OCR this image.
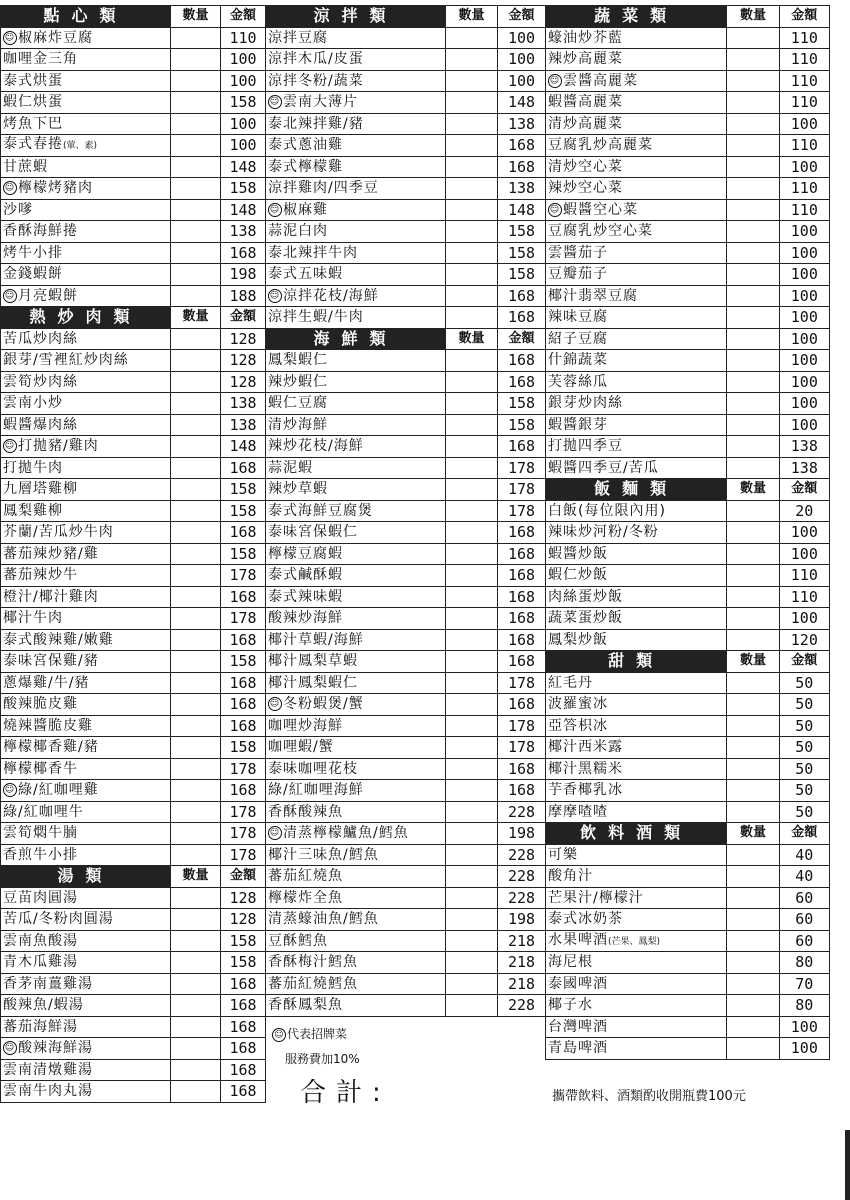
點心類	數量	金額
☺ 椒麻炸豆腐		110
咖哩金三角		100
泰式烘蛋		100
蝦仁烘蛋		158
烤魚下巴		100
泰式春捲(葷、素)		100
甘蔗蝦		148
☺ 檸檬烤豬肉		158
沙嗲		148
香酥海鮮捲		138
烤牛小排		168
金錢蝦餅		198
☺ 月亮蝦餅		188
熱炒肉類	數量	金額
苦瓜炒肉絲		128
銀芽/雪裡紅炒肉絲		128
雲筍炒肉絲		128
雲南小炒		138
蝦醬爆肉絲		138
☺ 打拋豬/雞肉		148
打拋牛肉		168
九層塔雞柳		158
鳳梨雞柳		158
芥蘭/苦瓜炒牛肉		168
蕃茄辣炒豬/雞		158
蕃茄辣炒牛		178
橙汁/椰汁雞肉		168
椰汁牛肉		178
泰式酸辣雞/嫩雞		168
泰味宮保雞/豬		158
蔥爆雞/牛/豬		168
酸辣脆皮雞		168
燒辣醬脆皮雞		168
檸檬椰香雞/豬		158
檸檬椰香牛		178
☺ 綠/紅咖哩雞		168
綠/紅咖哩牛		178
雲筍燜牛腩		178
香煎牛小排		178
湯類	數量	金額
豆苗肉圓湯		128
苦瓜/冬粉肉圓湯		128
雲南魚酸湯		158
青木瓜雞湯		158
香茅南薑雞湯		168
酸辣魚/蝦湯		168
蕃茄海鮮湯		168
☺ 酸辣海鮮湯		168
雲南清燉雞湯		168
雲南牛肉丸湯		168
涼拌類	數量	金額
涼拌豆腐		100
涼拌木瓜/皮蛋		100
涼拌冬粉/蔬菜		100
☺ 雲南大薄片		148
泰北辣拌雞/豬		138
泰式蔥油雞		168
泰式檸檬雞		168
涼拌雞肉/四季豆		138
☺ 椒麻雞		148
蒜泥白肉		158
泰北辣拌牛肉		158
泰式五味蝦		158
☺ 涼拌花枝/海鮮		168
涼拌生蝦/牛肉		168
海鮮類	數量	金額
鳳梨蝦仁		168
辣炒蝦仁		168
蝦仁豆腐		158
清炒海鮮		158
辣炒花枝/海鮮		168
蒜泥蝦		178
辣炒草蝦		178
泰式海鮮豆腐煲		178
泰味宮保蝦仁		168
檸檬豆腐蝦		168
泰式鹹酥蝦		168
泰式辣味蝦		168
酸辣炒海鮮		168
椰汁草蝦/海鮮		168
椰汁鳳梨草蝦		168
椰汁鳳梨蝦仁		178
☺ 冬粉蝦煲/蟹		168
咖哩炒海鮮		178
咖哩蝦/蟹		178
泰味咖哩花枝		168
綠/紅咖哩海鮮		168
香酥酸辣魚		228
☺ 清蒸檸檬鱸魚/鱈魚		198
椰汁三味魚/鱈魚		228
蕃茄紅燒魚		228
檸檬炸全魚		228
清蒸蠔油魚/鱈魚		198
豆酥鱈魚		218
香酥梅汁鱈魚		218
蕃茄紅燒鱈魚		218
香酥鳳梨魚		228
蔬菜類	數量	金額
蠔油炒芥藍		110
辣炒高麗菜		110
☺ 雲醬高麗菜		110
蝦醬高麗菜		110
清炒高麗菜		100
豆腐乳炒高麗菜		110
清炒空心菜		100
辣炒空心菜		110
☺ 蝦醬空心菜		110
豆腐乳炒空心菜		100
雲醬茄子		100
豆瓣茄子		100
椰汁翡翠豆腐		100
辣味豆腐		100
紹子豆腐		100
什錦蔬菜		100
芙蓉絲瓜		100
銀芽炒肉絲		100
蝦醬銀芽		100
打拋四季豆		138
蝦醬四季豆/苦瓜		138
飯麵類	數量	金額
白飯(每位限內用)		20
辣味炒河粉/冬粉		100
蝦醬炒飯		100
蝦仁炒飯		110
肉絲蛋炒飯		110
蔬菜蛋炒飯		100
鳳梨炒飯		120
甜類	數量	金額
紅毛丹		50
波羅蜜冰		50
亞答枳冰		50
椰汁西米露		50
椰汁黑糯米		50
芋香椰乳冰		50
摩摩喳喳		50
飲料酒類	數量	金額
可樂		40
酸角汁		40
芒果汁/檸檬汁		60
泰式冰奶茶		60
水果啤酒(芒果、鳳梨)		60
海尼根		80
泰國啤酒		70
椰子水		80
台灣啤酒		100
青島啤酒		100
☺ 代表招牌菜
服務費加10%
合計:	攜帶飲料、酒類酌收開瓶費100元
